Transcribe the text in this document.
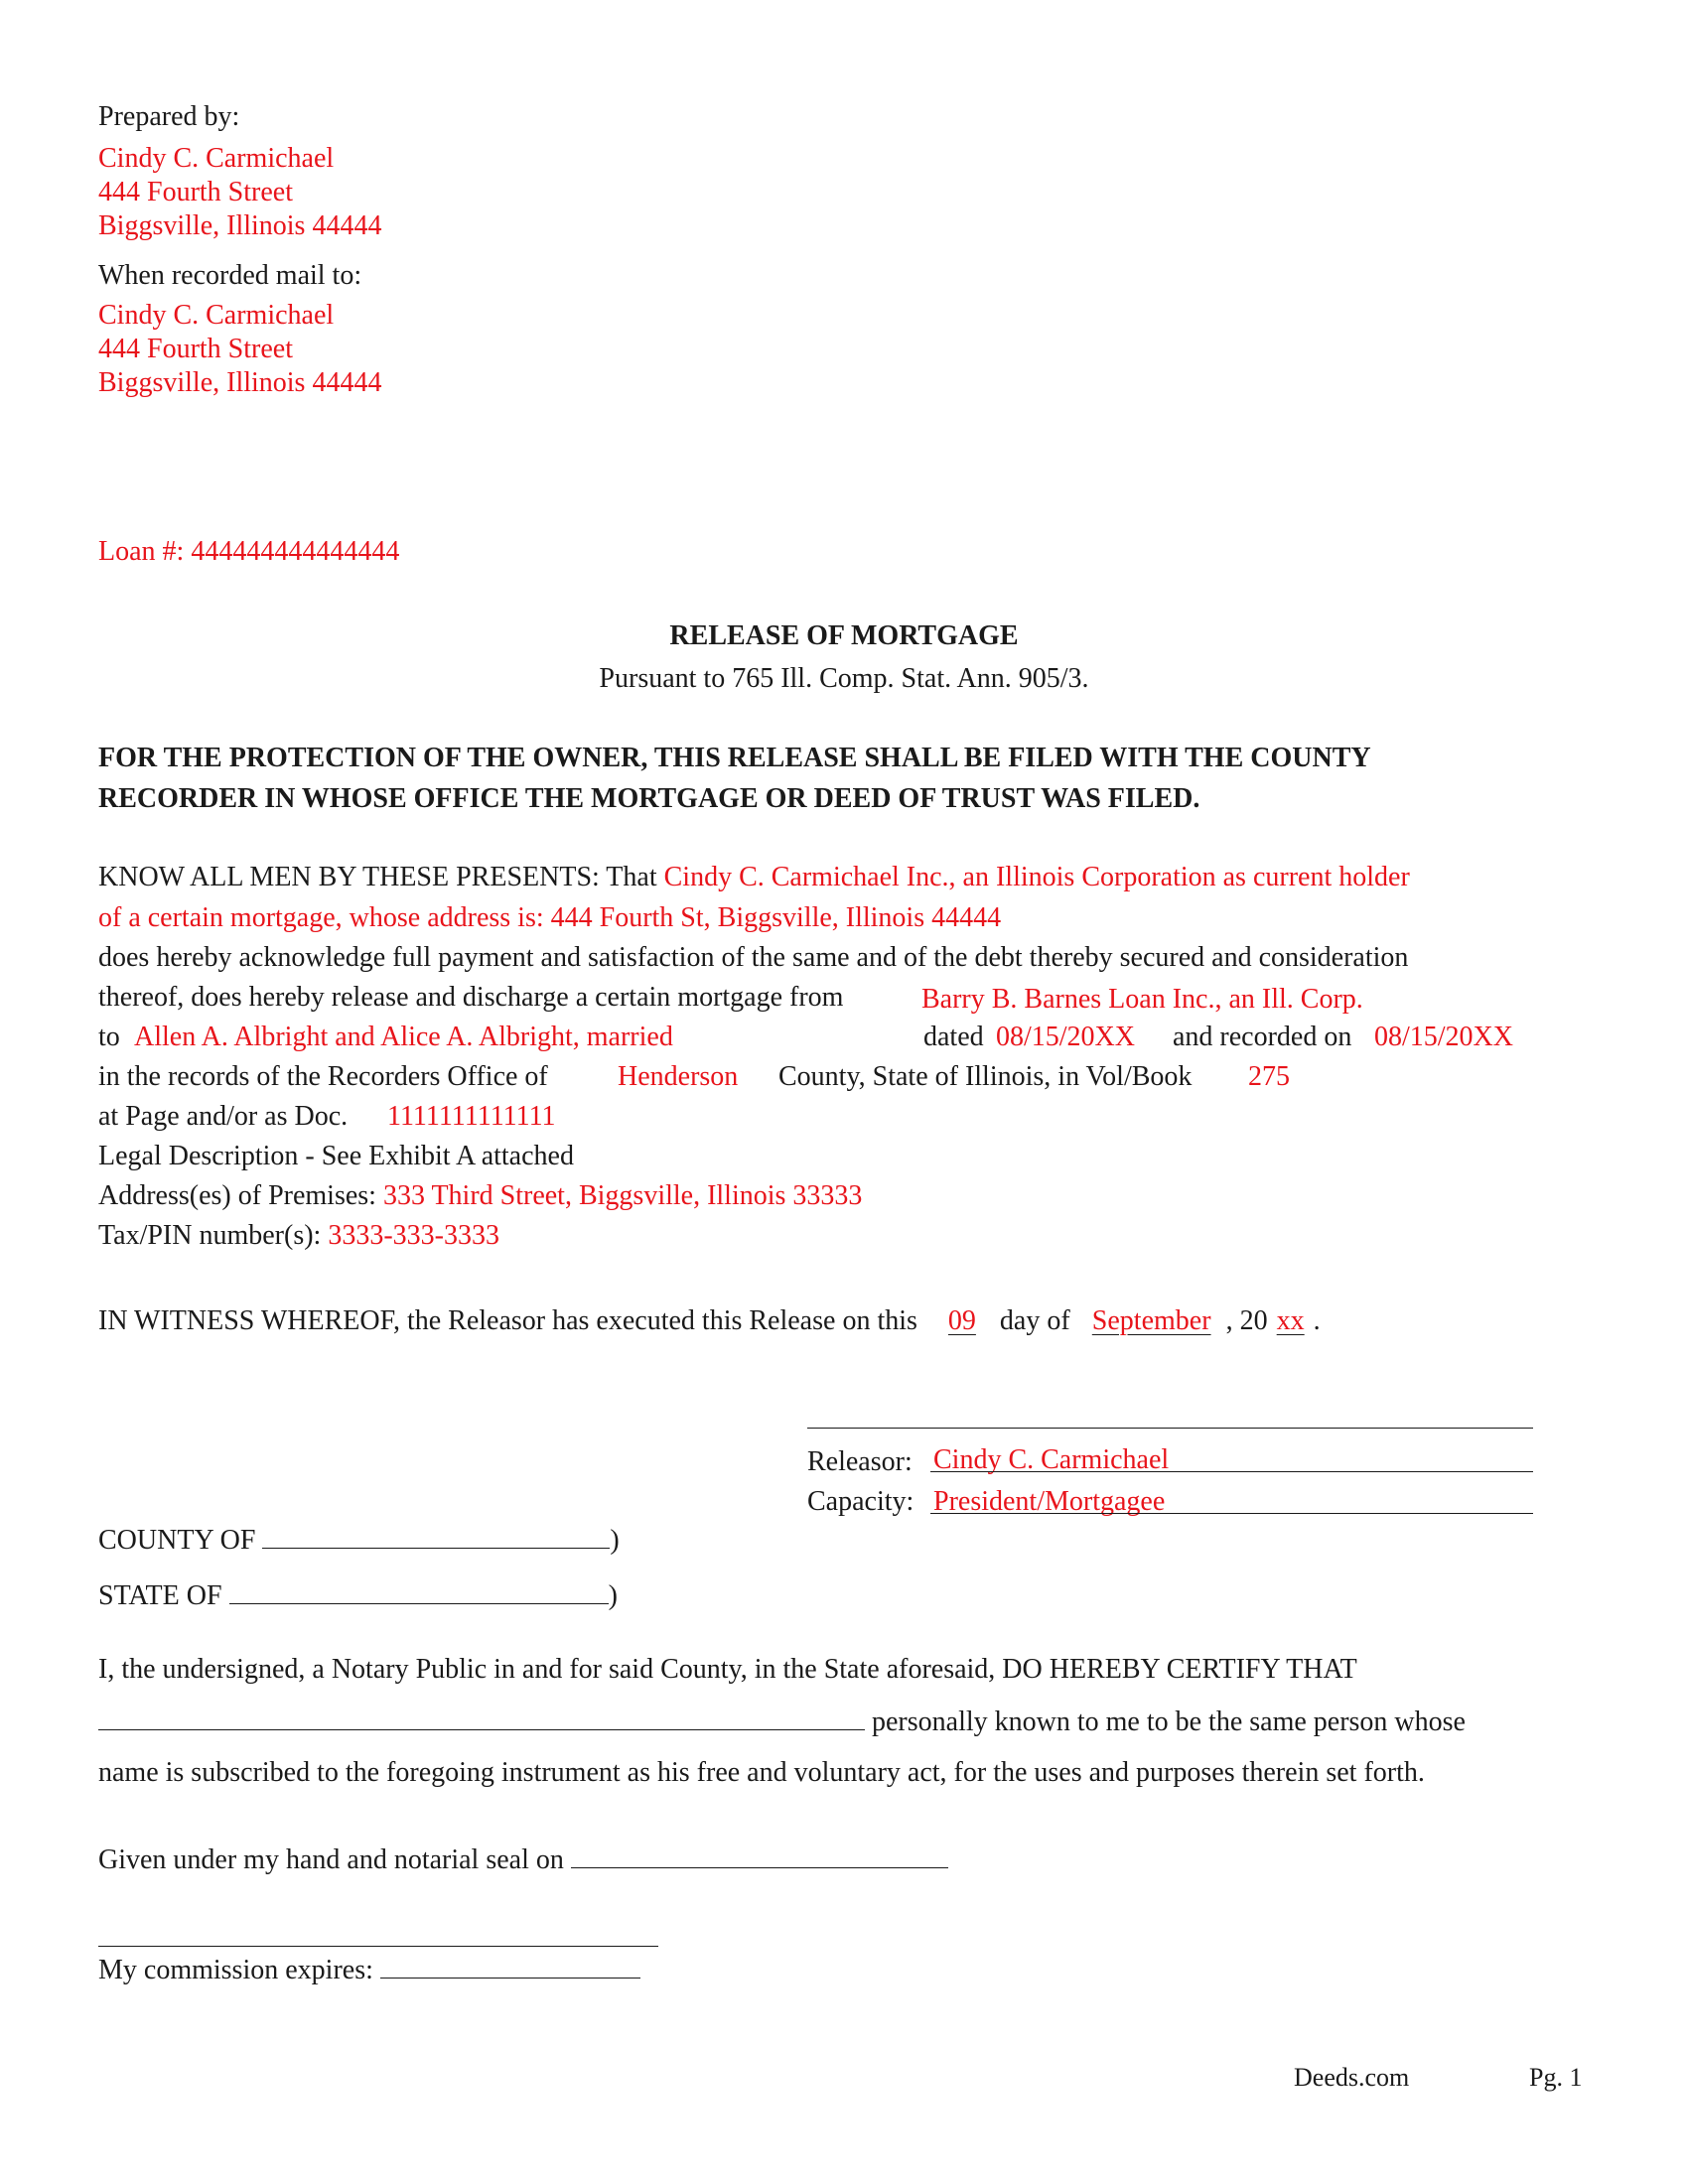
Prepared by:
Cindy C. Carmichael
444 Fourth Street
Biggsville, Illinois 44444
When recorded mail to:
Cindy C. Carmichael
444 Fourth Street
Biggsville, Illinois 44444
Loan #: 444444444444444
RELEASE OF MORTGAGE
Pursuant to 765 Ill. Comp. Stat. Ann. 905/3.
FOR THE PROTECTION OF THE OWNER, THIS RELEASE SHALL BE FILED WITH THE COUNTY
RECORDER IN WHOSE OFFICE THE MORTGAGE OR DEED OF TRUST WAS FILED.
KNOW ALL MEN BY THESE PRESENTS: That Cindy C. Carmichael Inc., an Illinois Corporation as current holder
of a certain mortgage, whose address is: 444 Fourth St, Biggsville, Illinois 44444
does hereby acknowledge full payment and satisfaction of the same and of the debt thereby secured and consideration
thereof, does hereby release and discharge a certain mortgage from	Barry B. Barnes Loan Inc., an Ill. Corp.
to Allen A. Albright and Alice A. Albright, married	dated 08/15/20XX and recorded on 08/15/20XX
in the records of the Recorders Office of	Henderson County, State of Illinois, in Vol/Book 275
at Page and/or as Doc. 1111111111111
Legal Description - See Exhibit A attached
Address(es) of Premises: 333 Third Street, Biggsville, Illinois 33333
Tax/PIN number(s): 3333-333-3333
IN WITNESS WHEREOF, the Releasor has executed this Release on this 09 day of September , 20 xx .
Releasor: Cindy C. Carmichael
Capacity: President/Mortgagee
COUNTY OF	)
STATE OF	)
I, the undersigned, a Notary Public in and for said County, in the State aforesaid, DO HEREBY CERTIFY THAT
personally known to me to be the same person whose
name is subscribed to the foregoing instrument as his free and voluntary act, for the uses and purposes therein set forth.
Given under my hand and notarial seal on
My commission expires:
Deeds.com	Pg. 1
